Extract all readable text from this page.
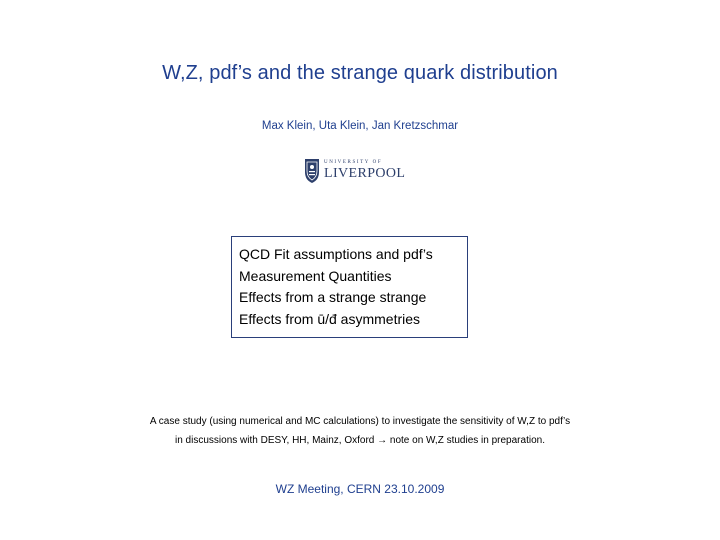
W,Z, pdf’s and the strange quark distribution
Max Klein, Uta Klein, Jan Kretzschmar
UNIVERSITY OF
LIVERPOOL
QCD Fit assumptions and pdf’s
Measurement Quantities
Effects from a strange strange
Effects from ū/đ asymmetries
A case study (using numerical and MC calculations) to investigate the sensitivity of W,Z to pdf’s
in discussions with DESY, HH, Mainz, Oxford → note on W,Z studies in preparation.
WZ Meeting, CERN 23.10.2009
